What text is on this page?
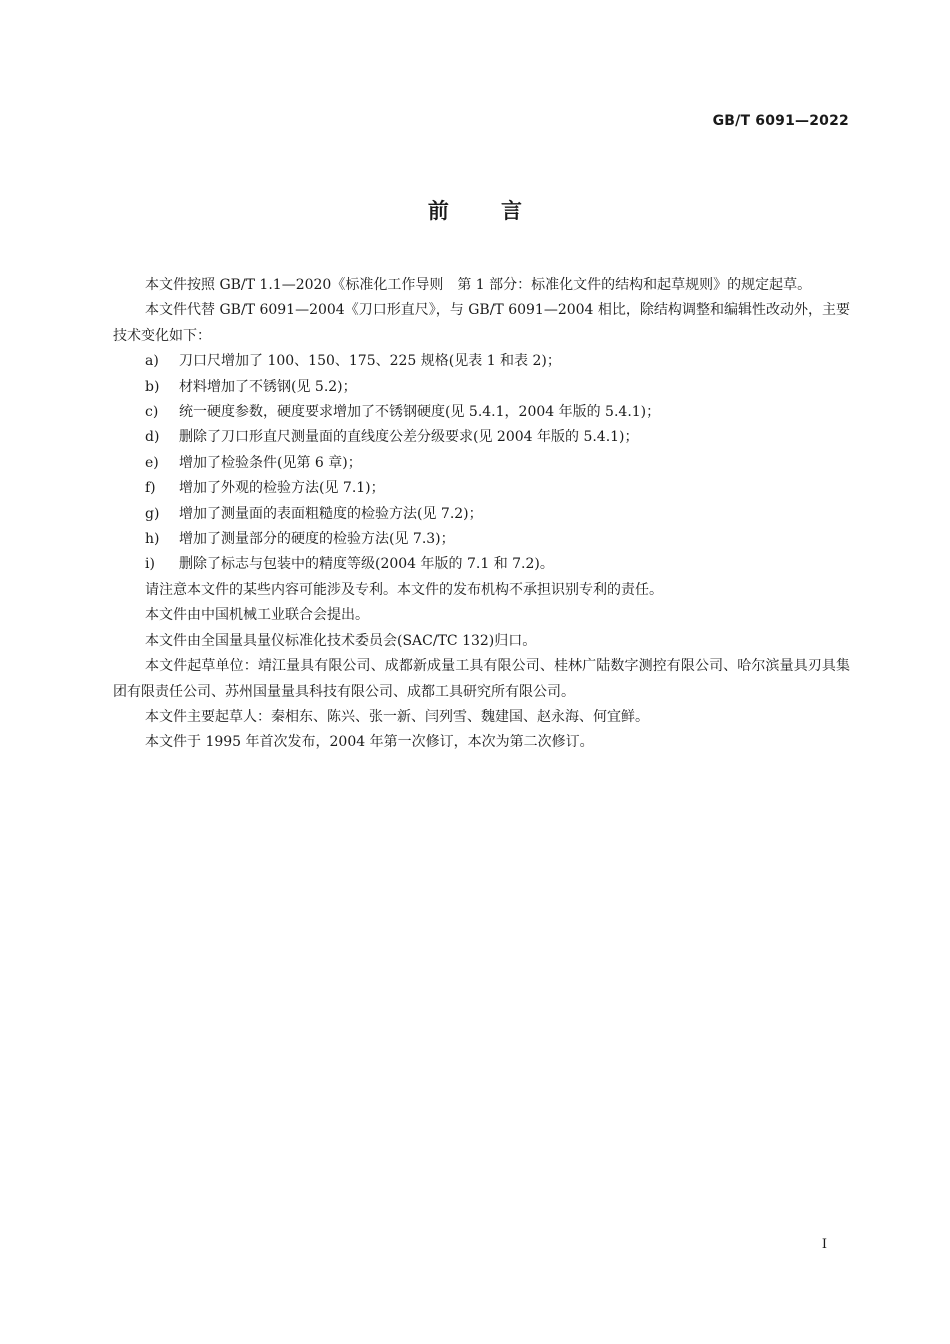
GB/T 6091—2022
前 言

本文件按照 GB/T 1.1—2020《标准化工作导则　第 1 部分：标准化文件的结构和起草规则》的规定起草。

本文件代替 GB/T 6091—2004《刀口形直尺》，与 GB/T 6091—2004 相比，除结构调整和编辑性改动外，主要技术变化如下：

a) 刀口尺增加了 100、150、175、225 规格(见表 1 和表 2)；

b) 材料增加了不锈钢(见 5.2)；

c) 统一硬度参数，硬度要求增加了不锈钢硬度(见 5.4.1，2004 年版的 5.4.1)；

d) 删除了刀口形直尺测量面的直线度公差分级要求(见 2004 年版的 5.4.1)；

e) 增加了检验条件(见第 6 章)；

f) 增加了外观的检验方法(见 7.1)；

g) 增加了测量面的表面粗糙度的检验方法(见 7.2)；

h) 增加了测量部分的硬度的检验方法(见 7.3)；

i) 删除了标志与包装中的精度等级(2004 年版的 7.1 和 7.2)。

请注意本文件的某些内容可能涉及专利。本文件的发布机构不承担识别专利的责任。

本文件由中国机械工业联合会提出。

本文件由全国量具量仪标准化技术委员会(SAC/TC 132)归口。

本文件起草单位：靖江量具有限公司、成都新成量工具有限公司、桂林广陆数字测控有限公司、哈尔滨量具刃具集团有限责任公司、苏州国量量具科技有限公司、成都工具研究所有限公司。

本文件主要起草人：秦相东、陈兴、张一新、闫列雪、魏建国、赵永海、何宜鲜。

本文件于 1995 年首次发布，2004 年第一次修订，本次为第二次修订。

I
